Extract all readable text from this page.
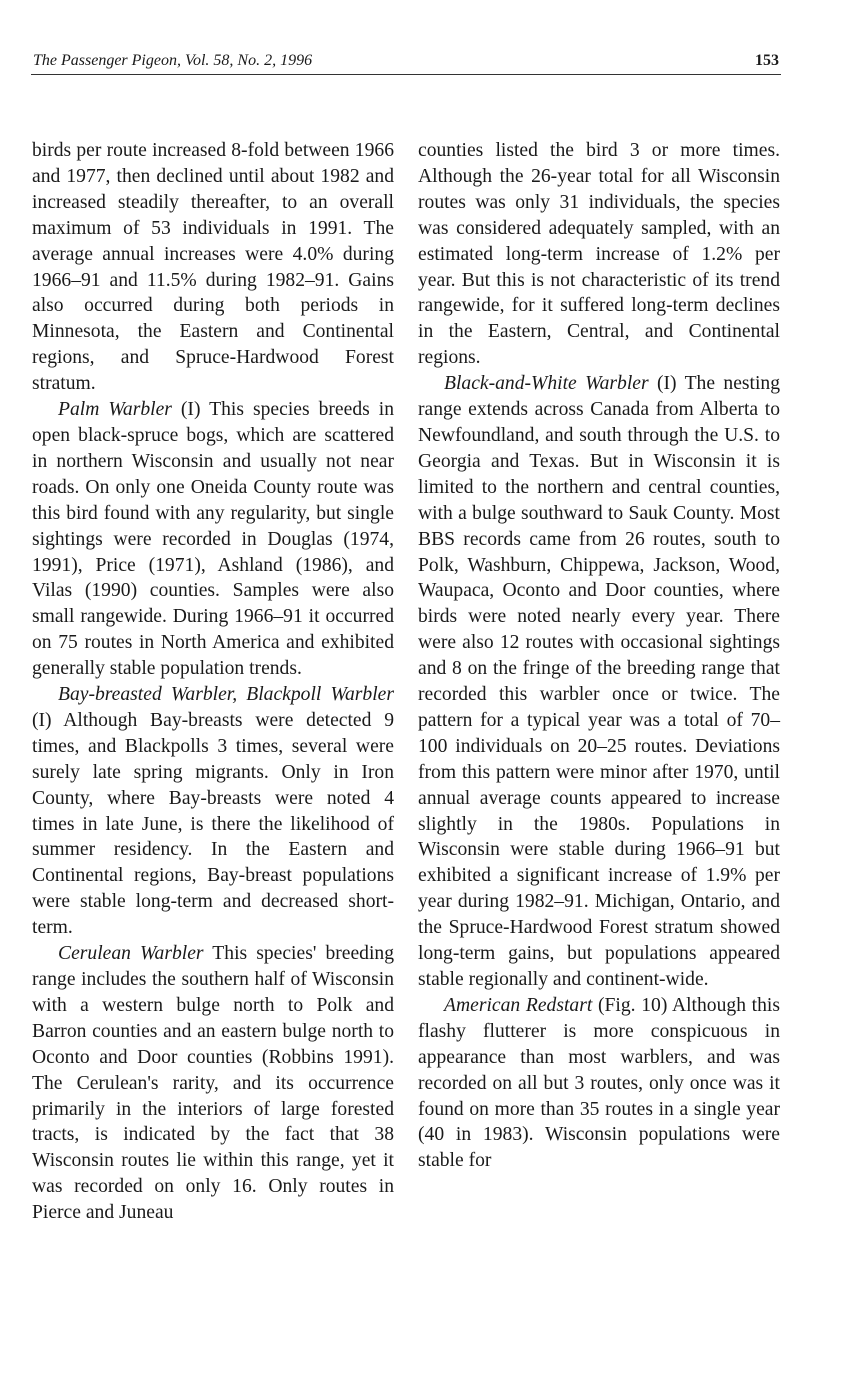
The Passenger Pigeon, Vol. 58, No. 2, 1996	153

birds per route increased 8-fold between 1966 and 1977, then declined until about 1982 and increased steadily thereafter, to an overall maximum of 53 individuals in 1991. The average annual increases were 4.0% during 1966–91 and 11.5% during 1982–91. Gains also occurred during both periods in Minnesota, the Eastern and Continental regions, and Spruce-Hardwood Forest stratum.

Palm Warbler (I) This species breeds in open black-spruce bogs, which are scattered in northern Wisconsin and usually not near roads. On only one Oneida County route was this bird found with any regularity, but single sightings were recorded in Douglas (1974, 1991), Price (1971), Ashland (1986), and Vilas (1990) counties. Samples were also small rangewide. During 1966–91 it occurred on 75 routes in North America and exhibited generally stable population trends.

Bay-breasted Warbler, Blackpoll Warbler (I) Although Bay-breasts were detected 9 times, and Blackpolls 3 times, several were surely late spring migrants. Only in Iron County, where Bay-breasts were noted 4 times in late June, is there the likelihood of summer residency. In the Eastern and Continental regions, Bay-breast populations were stable long-term and decreased short-term.

Cerulean Warbler This species' breeding range includes the southern half of Wisconsin with a western bulge north to Polk and Barron counties and an eastern bulge north to Oconto and Door counties (Robbins 1991). The Cerulean's rarity, and its occurrence primarily in the interiors of large forested tracts, is indicated by the fact that 38 Wisconsin routes lie within this range, yet it was recorded on only 16. Only routes in Pierce and Juneau

counties listed the bird 3 or more times. Although the 26-year total for all Wisconsin routes was only 31 individuals, the species was considered adequately sampled, with an estimated long-term increase of 1.2% per year. But this is not characteristic of its trend rangewide, for it suffered long-term declines in the Eastern, Central, and Continental regions.

Black-and-White Warbler (I) The nesting range extends across Canada from Alberta to Newfoundland, and south through the U.S. to Georgia and Texas. But in Wisconsin it is limited to the northern and central counties, with a bulge southward to Sauk County. Most BBS records came from 26 routes, south to Polk, Washburn, Chippewa, Jackson, Wood, Waupaca, Oconto and Door counties, where birds were noted nearly every year. There were also 12 routes with occasional sightings and 8 on the fringe of the breeding range that recorded this warbler once or twice. The pattern for a typical year was a total of 70–100 individuals on 20–25 routes. Deviations from this pattern were minor after 1970, until annual average counts appeared to increase slightly in the 1980s. Populations in Wisconsin were stable during 1966–91 but exhibited a significant increase of 1.9% per year during 1982–91. Michigan, Ontario, and the Spruce-Hardwood Forest stratum showed long-term gains, but populations appeared stable regionally and continent-wide.

American Redstart (Fig. 10) Although this flashy flutterer is more conspicuous in appearance than most warblers, and was recorded on all but 3 routes, only once was it found on more than 35 routes in a single year (40 in 1983). Wisconsin populations were stable for
